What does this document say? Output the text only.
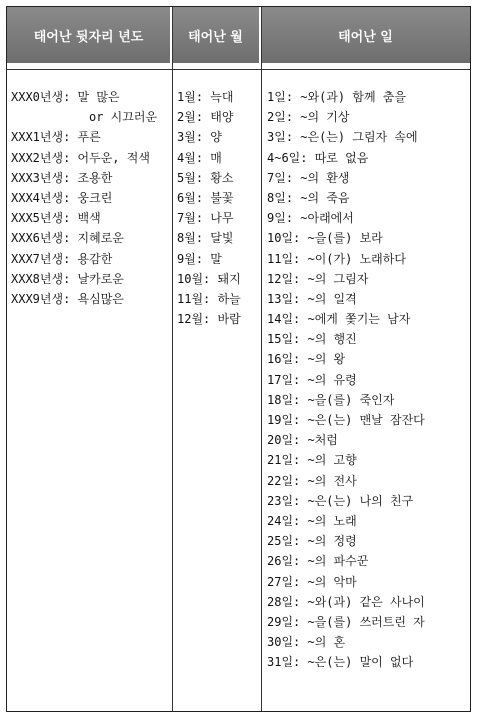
태어난 뒷자리 년도	태어난 월	태어난 일
XXX0년생: 말 많은
or 시끄러운
XXX1년생: 푸른
XXX2년생: 어두운, 적색
XXX3년생: 조용한
XXX4년생: 웅크린
XXX5년생: 백색
XXX6년생: 지혜로운
XXX7년생: 용감한
XXX8년생: 날카로운
XXX9년생: 욕심많은
1월: 늑대
2월: 태양
3월: 양
4월: 매
5월: 황소
6월: 불꽃
7월: 나무
8월: 달빛
9월: 말
10월: 돼지
11월: 하늘
12월: 바람
1일: ~와(과) 함께 춤을
2일: ~의 기상
3일: ~은(는) 그림자 속에
4~6일: 따로 없음
7일: ~의 환생
8일: ~의 죽음
9일: ~아래에서
10일: ~을(를) 보라
11일: ~이(가) 노래하다
12일: ~의 그림자
13일: ~의 일격
14일: ~에게 쫓기는 남자
15일: ~의 행진
16일: ~의 왕
17일: ~의 유령
18일: ~을(를) 죽인자
19일: ~은(는) 맨날 잠잔다
20일: ~처럼
21일: ~의 고향
22일: ~의 전사
23일: ~은(는) 나의 친구
24일: ~의 노래
25일: ~의 정령
26일: ~의 파수꾼
27일: ~의 악마
28일: ~와(과) 같은 사나이
29일: ~을(를) 쓰러트린 자
30일: ~의 혼
31일: ~은(는) 말이 없다
